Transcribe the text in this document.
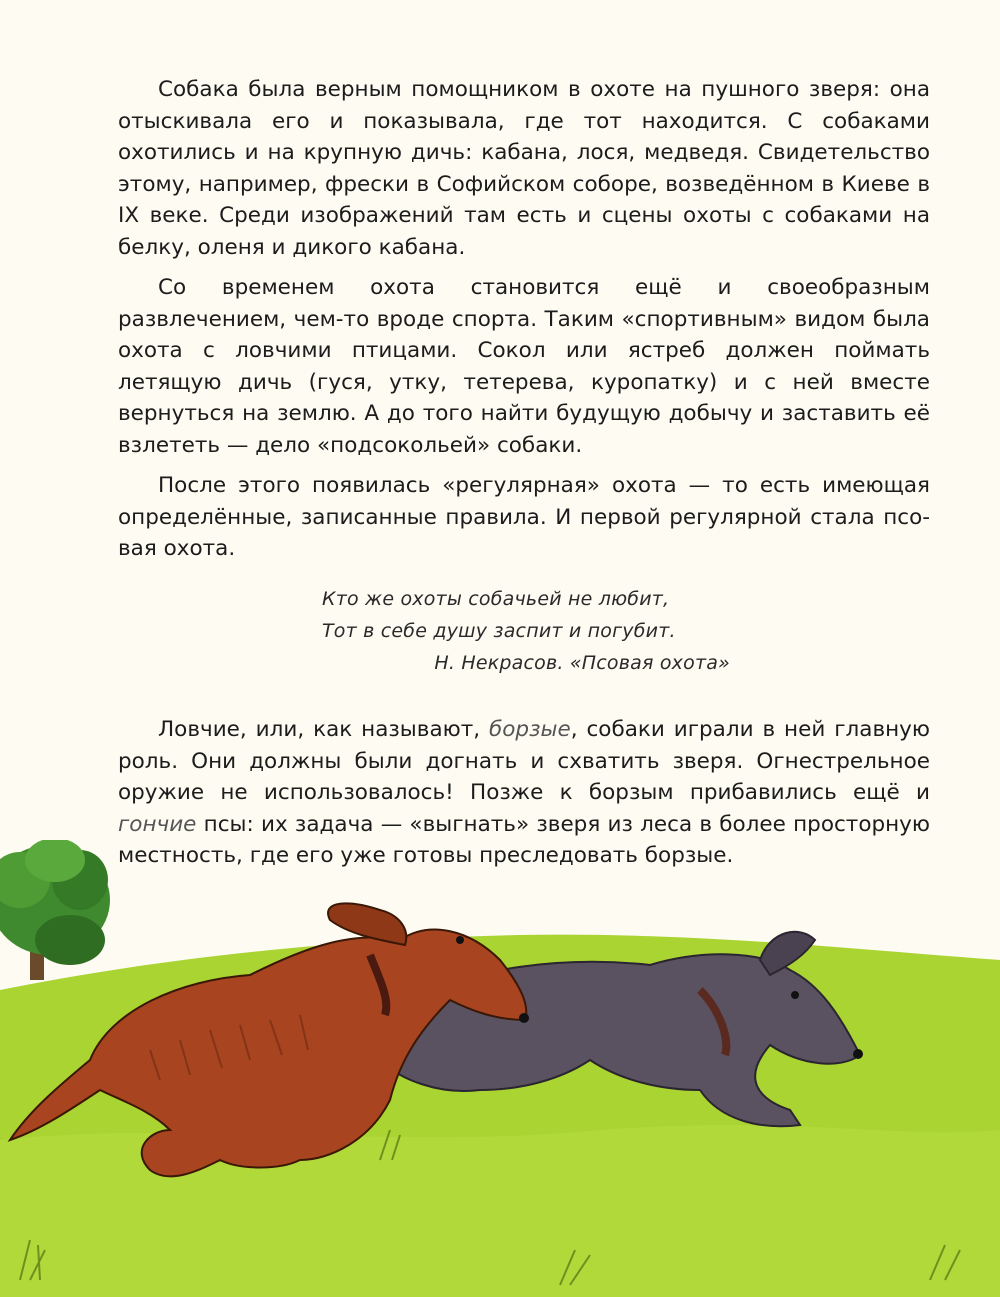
Собака была верным помощником в охоте на пушного зверя: она отыскивала его и показывала, где тот находится. С собаками охотились и на крупную дичь: кабана, лося, медведя. Свидетельство этому, например, фрески в Софийском соборе, возведённом в Киеве в IX веке. Среди изображений там есть и сцены охоты с собаками на белку, оленя и дикого кабана.

Со временем охота становится ещё и своеобразным развлечением, чем-то вроде спорта. Таким «спортивным» видом была охота с ловчими птицами. Сокол или ястреб должен поймать летящую дичь (гуся, утку, тетерева, куропатку) и с ней вместе вернуться на землю. А до того найти будущую добычу и заставить её взлететь — дело «подсокольей» собаки.

После этого появилась «регулярная» охота — то есть имеющая определённые, записанные правила. И первой регулярной стала псовая охота.

Кто же охоты собачьей не любит,
Тот в себе душу заспит и погубит.
Н. Некрасов. «Псовая охота»

Ловчие, или, как называют, борзые, собаки играли в ней главную роль. Они должны были догнать и схватить зверя. Огнестрельное оружие не использовалось! Позже к борзым прибавились ещё и гончие псы: их задача — «выгнать» зверя из леса в более просторную местность, где его уже готовы преследовать борзые.
